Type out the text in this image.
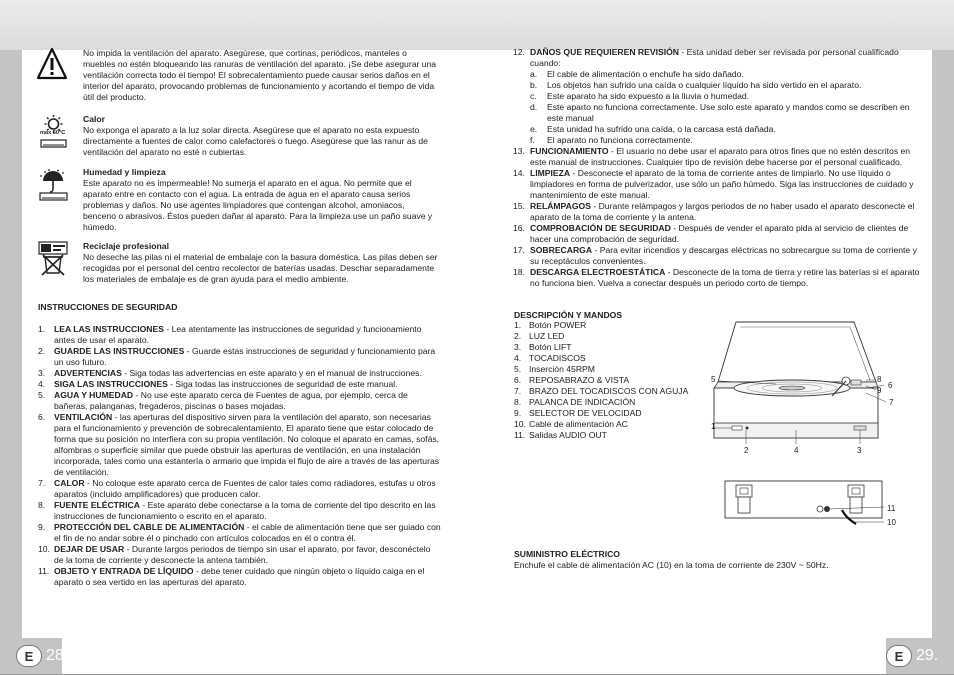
E 28.	E 29.

No impida la ventilación del aparato. Asegúrese, que cortinas, periódicos, manteles o muebles no estén bloqueando las ranuras de ventilación del aparato. ¡Se debe asegurar una ventilación correcta todo el tiempo! El sobrecalentamiento puede causar serios daños en el interior del aparato, provocando problemas de funcionamiento y acortando el tiempo de vida útil del producto.

max 50°C

Calor

No exponga el aparato a la luz solar directa. Asegúrese que el aparato no esta expuesto directamente a fuentes de calor como calefactores o fuego. Asegúrese que las ranur as de ventilación del aparato no esté n cubiertas.

Humedad y limpieza

Este aparato no es impermeable! No sumerja el aparato en el agua. No permite que el aparato entre en contacto con el agua. La entrada de agua en el aparato causa serios problemas y daños. No use agentes limpiadores que contengan alcohol, amoniacos, benceno o abrasivos. Éstos pueden dañar al aparato. Para la limpieza use un paño suave y húmedo.

Reciclaje profesional

No deseche las pilas ni el material de embalaje con la basura doméstica. Las pilas deben ser recogidas por el personal del centro recolector de baterías usadas. Deschar separadamente los materiales de embalaje es de gran ayuda para el medio ambiente.

INSTRUCCIONES DE SEGURIDAD

1.	LEA LAS INSTRUCCIONES - Lea atentamente las instrucciones de seguridad y funcionamiento antes de usar el aparato.
2.	GUARDE LAS INSTRUCCIONES - Guarde estas instrucciones de seguridad y funcionamiento para un uso futuro.
3.	ADVERTENCIAS - Siga todas las advertencias en este aparato y en el manual de instrucciones.
4.	SIGA LAS INSTRUCCIONES - Siga todas las instrucciones de seguridad de este manual.
5.	AGUA Y HUMEDAD - No use este aparato cerca de Fuentes de agua, por ejemplo, cerca de bañeras, palanganas, fregaderos, piscinas o bases mojadas.
6.	VENTILACIÓN - las aperturas del dispositivo sirven para la ventilación del aparato, son necesarias para el funcionamiento y prevención de sobrecalentamiento. El aparato tiene que estar colocado de forma que su posición no interfiera con su propia ventilación. No coloque el aparato en camas, sofás, alfombras o superficie similar que puede obstruir las aperturas de ventilación, en una instalación incorporada, tales como una estantería o armario que impida el flujo de aire a través de las aperturas de ventilación.
7.	CALOR - No coloque este aparato cerca de Fuentes de calor tales como radiadores, estufas u otros aparatos (incluido amplificadores) que producen calor.
8.	FUENTE ELÉCTRICA - Este aparato debe conectarse a la toma de corriente del tipo descrito en las instrucciones de funcionamiento o escrito en el aparato.
9.	PROTECCIÓN DEL CABLE DE ALIMENTACIÓN - el cable de alimentación tiene que ser guiado con el fin de no andar sobre él o pinchado con artículos colocados en él o contra él.
10. DEJAR DE USAR - Durante largos periodos de tiempo sin usar el aparato, por favor, desconéctelo de la toma de corriente y desconecte la antena también.
11. OBJETO Y ENTRADA DE LÍQUIDO - debe tener cuidado que ningún objeto o líquido caiga en el aparato o sea vertido en las aperturas del aparato.
12. DAÑOS QUE REQUIEREN REVISIÓN - Esta unidad deber ser revisada por personal cualificado cuando:
a.	El cable de alimentación o enchufe ha sido dañado.
b.	Los objetos han sufrido una caída o cualquier líquido ha sido vertido en el aparato.
c.	Este aparato ha sido expuesto a la lluvia o humedad.
d.	Este aparto no funciona correctamente. Use solo este aparato y mandos como se describen en este manual
e.	Esta unidad ha sufrido una caída, o la carcasa está dañada.
f.	El aparato no funciona correctamente.
13. FUNCIONAMIENTO - El usuario no debe usar el aparato para otros fines que no estén descritos en este manual de instrucciones. Cualquier tipo de revisión debe hacerse por el personal cualificado.
14. LIMPIEZA - Desconecte el aparato de la toma de corriente antes de limpiarlo. No use líquido o limpiadores en forma de pulverizador, use sólo un paño húmedo. Siga las instrucciones de cuidado y mantenimiento de este manual.
15. RELÁMPAGOS - Durante relámpagos y largos periodos de no haber usado el aparato desconecte el aparato de la toma de corriente y la antena.
16. COMPROBACIÓN DE SEGURIDAD - Después de vender el aparato pida al servicio de clientes de hacer una comprobación de seguridad.
17. SOBRECARGA - Para evitar incendios y descargas eléctricas no sobrecargue su toma de corriente y su receptáculos convenientes.
18. DESCARGA ELECTROESTÁTICA - Desconecte de la toma de tierra y retire las baterías si el aparato no funciona bien. Vuelva a conectar después un periodo corto de tiempo.

DESCRIPCIÓN Y MANDOS

1. Botón POWER
2. LUZ LED
3. Botón LIFT
4. TOCADISCOS
5. Inserción 45RPM
6. REPOSABRAZO & VISTA
7. BRAZO DEL TOCADISCOS CON AGUJA
8. PALANCA DE INDICACIÓN
9. SELECTOR DE VELOCIDAD
10. Cable de alimentación AC
11. Salidas AUDIO OUT
5
1
2	4	3
8
9
6
7
11
10

SUMINISTRO ELÉCTRICO

Enchufe el cable de alimentación AC (10) en la toma de corriente de 230V ~ 50Hz.
